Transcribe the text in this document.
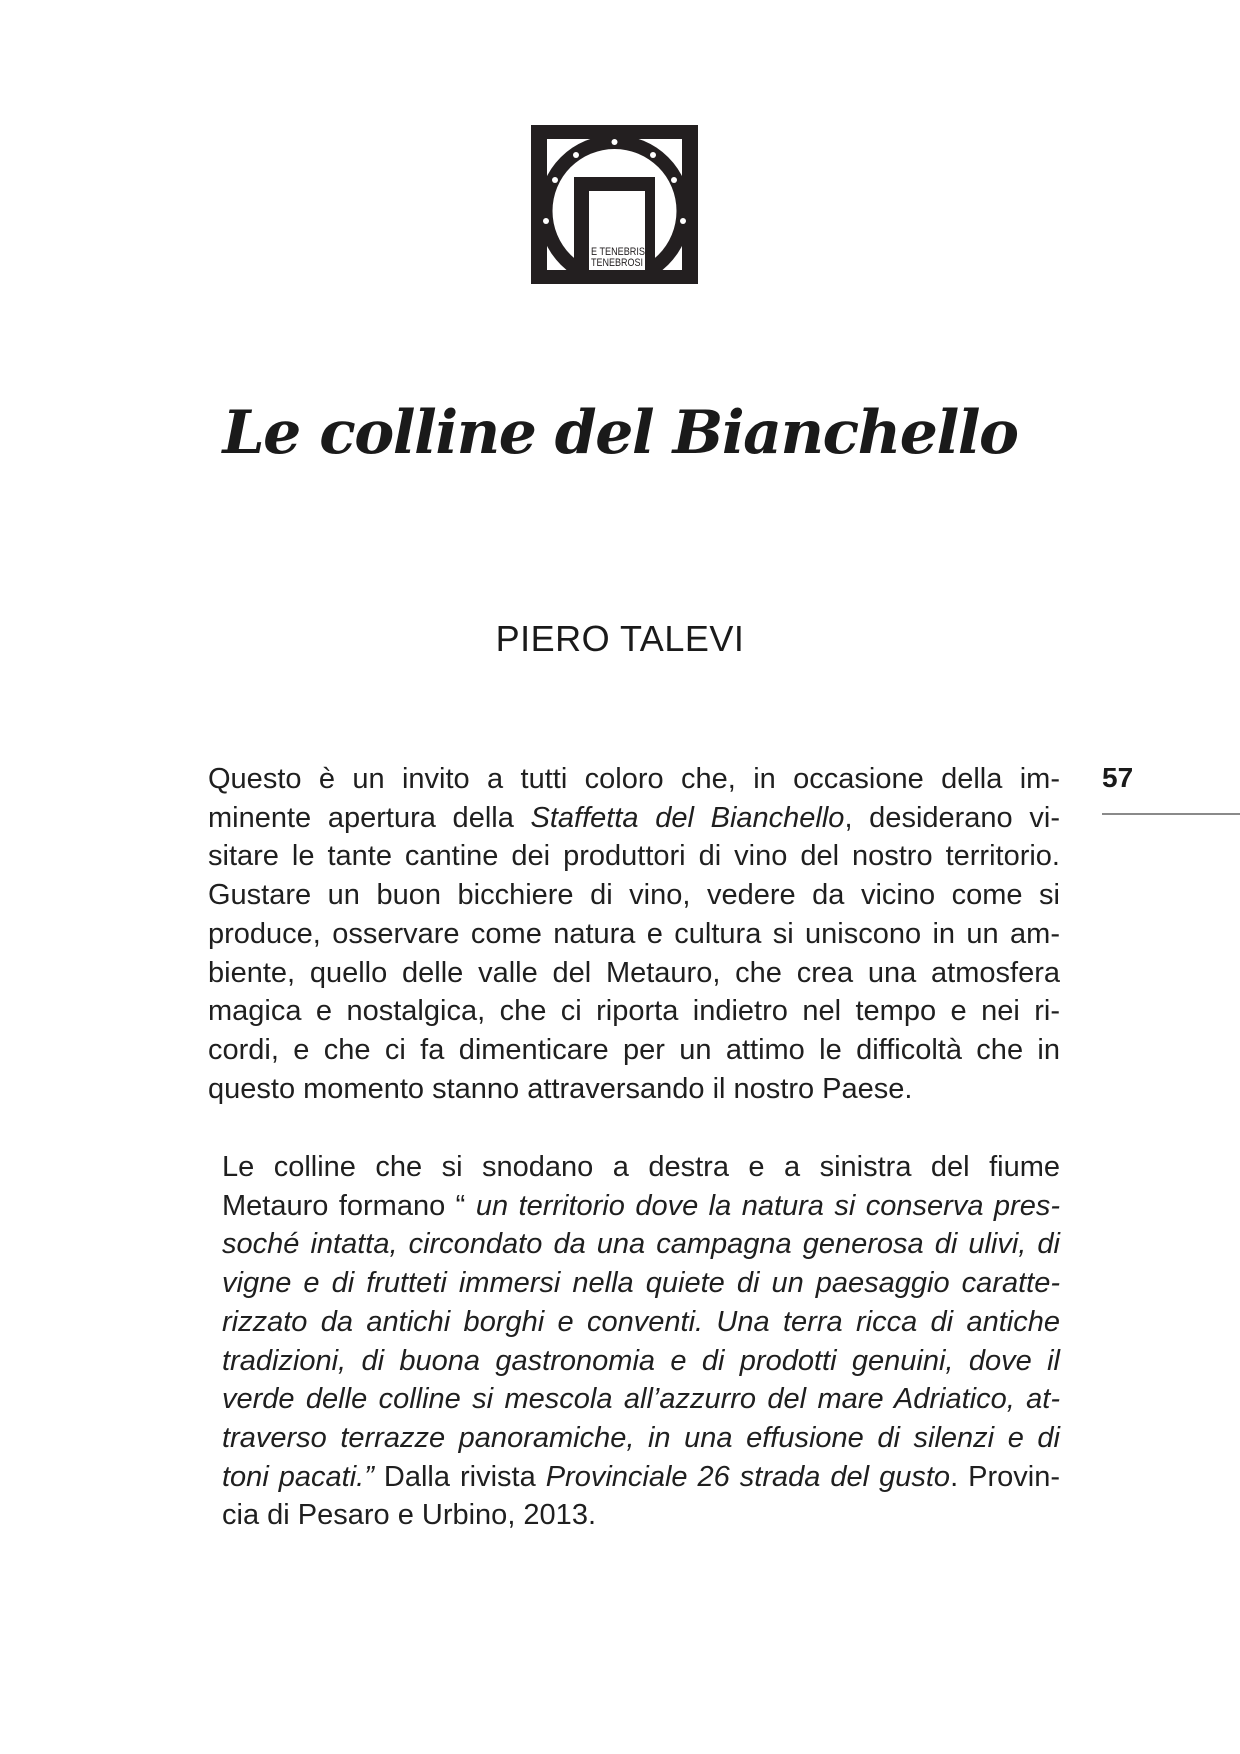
E TENEBRIS
TENEBROSI
Le colline del Bianchello
PIERO TALEVI
57
Questo è un invito a tutti coloro che, in occasione della im-
minente apertura della Staffetta del Bianchello, desiderano vi-
sitare le tante cantine dei produttori di vino del nostro territorio.
Gustare un buon bicchiere di vino, vedere da vicino come si
produce, osservare come natura e cultura si uniscono in un am-
biente, quello delle valle del Metauro, che crea una atmosfera
magica e nostalgica, che ci riporta indietro nel tempo e nei ri-
cordi, e che ci fa dimenticare per un attimo le difficoltà che in
questo momento stanno attraversando il nostro Paese.
Le colline che si snodano a destra e a sinistra del fiume
Metauro formano “ un territorio dove la natura si conserva pres-
soché intatta, circondato da una campagna generosa di ulivi, di
vigne e di frutteti immersi nella quiete di un paesaggio caratte-
rizzato da antichi borghi e conventi. Una terra ricca di antiche
tradizioni, di buona gastronomia e di prodotti genuini, dove il
verde delle colline si mescola all’azzurro del mare Adriatico, at-
traverso terrazze panoramiche, in una effusione di silenzi e di
toni pacati.” Dalla rivista Provinciale 26 strada del gusto. Provin-
cia di Pesaro e Urbino, 2013.
